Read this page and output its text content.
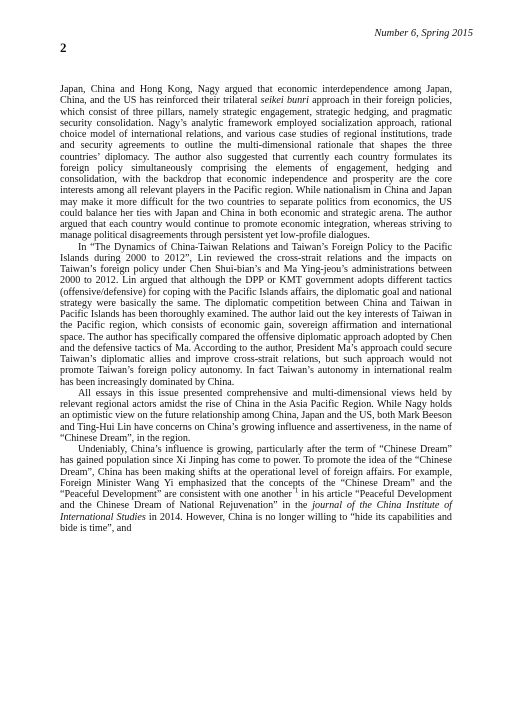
Number 6, Spring 2015
2

Japan, China and Hong Kong, Nagy argued that economic interdependence among Japan, China, and the US has reinforced their trilateral seikei bunri approach in their foreign policies, which consist of three pillars, namely strategic engagement, strategic hedging, and pragmatic security consolidation. Nagy’s analytic framework employed socialization approach, rational choice model of international relations, and various case studies of regional institutions, trade and security agreements to outline the multi-dimensional rationale that shapes the three countries’ diplomacy. The author also suggested that currently each country formulates its foreign policy simultaneously comprising the elements of engagement, hedging and consolidation, with the backdrop that economic independence and prosperity are the core interests among all relevant players in the Pacific region. While nationalism in China and Japan may make it more difficult for the two countries to separate politics from economics, the US could balance her ties with Japan and China in both economic and strategic arena. The author argued that each country would continue to promote economic integration, whereas striving to manage political disagreements through persistent yet low-profile dialogues.

In “The Dynamics of China-Taiwan Relations and Taiwan’s Foreign Policy to the Pacific Islands during 2000 to 2012”, Lin reviewed the cross-strait relations and the impacts on Taiwan’s foreign policy under Chen Shui-bian’s and Ma Ying-jeou’s administrations between 2000 to 2012. Lin argued that although the DPP or KMT government adopts different tactics (offensive/defensive) for coping with the Pacific Islands affairs, the diplomatic goal and national strategy were basically the same. The diplomatic competition between China and Taiwan in Pacific Islands has been thoroughly examined. The author laid out the key interests of Taiwan in the Pacific region, which consists of economic gain, sovereign affirmation and international space. The author has specifically compared the offensive diplomatic approach adopted by Chen and the defensive tactics of Ma. According to the author, President Ma’s approach could secure Taiwan’s diplomatic allies and improve cross-strait relations, but such approach would not promote Taiwan’s foreign policy autonomy. In fact Taiwan’s autonomy in international realm has been increasingly dominated by China.

All essays in this issue presented comprehensive and multi-dimensional views held by relevant regional actors amidst the rise of China in the Asia Pacific Region. While Nagy holds an optimistic view on the future relationship among China, Japan and the US, both Mark Beeson and Ting-Hui Lin have concerns on China’s growing influence and assertiveness, in the name of “Chinese Dream”, in the region.

Undeniably, China’s influence is growing, particularly after the term of “Chinese Dream” has gained population since Xi Jinping has come to power. To promote the idea of the “Chinese Dream”, China has been making shifts at the operational level of foreign affairs. For example, Foreign Minister Wang Yi emphasized that the concepts of the “Chinese Dream” and the “Peaceful Development” are consistent with one another $^1$ in his article “Peaceful Development and the Chinese Dream of National Rejuvenation” in the journal of the China Institute of International Studies in 2014. However, China is no longer willing to “hide its capabilities and bide is time”, and
